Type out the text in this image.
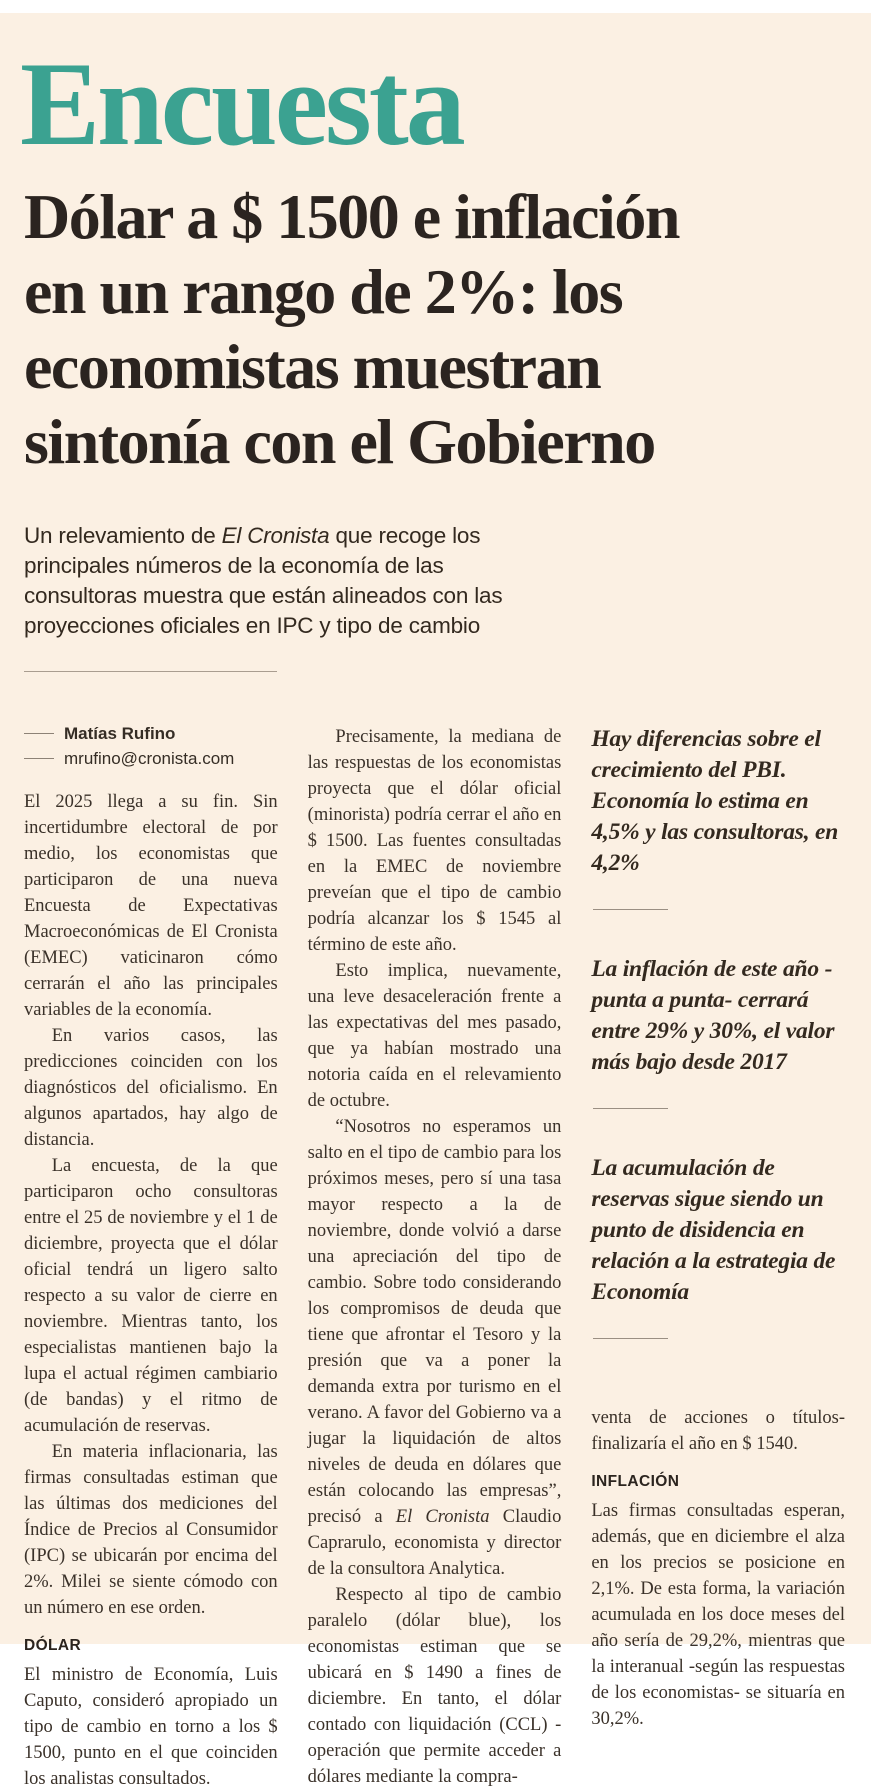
Encuesta
Dólar a $ 1500 e inflación
en un rango de 2%: los
economistas muestran
sintonía con el Gobierno
Un relevamiento de El Cronista que recoge los
principales números de la economía de las
consultoras muestra que están alineados con las
proyecciones oficiales en IPC y tipo de cambio
Matías Rufino
mrufino@cronista.com

El 2025 llega a su fin. Sin incertidumbre electoral de por medio, los economistas que participaron de una nueva Encuesta de Expectativas Macroeconómicas de El Cronista (EMEC) vaticinaron cómo cerrarán el año las principales variables de la economía.

En varios casos, las predicciones coinciden con los diagnósticos del oficialismo. En algunos apartados, hay algo de distancia.

La encuesta, de la que participaron ocho consultoras entre el 25 de noviembre y el 1 de diciembre, proyecta que el dólar oficial tendrá un ligero salto respecto a su valor de cierre en noviembre. Mientras tanto, los especialistas mantienen bajo la lupa el actual régimen cambiario (de bandas) y el ritmo de acumulación de reservas.

En materia inflacionaria, las firmas consultadas estiman que las últimas dos mediciones del Índice de Precios al Consumidor (IPC) se ubicarán por encima del 2%. Milei se siente cómodo con un número en ese orden.

DÓLAR

El ministro de Economía, Luis Caputo, consideró apropiado un tipo de cambio en torno a los $ 1500, punto en el que coinciden los analistas consultados.

Precisamente, la mediana de las respuestas de los economistas proyecta que el dólar oficial (minorista) podría cerrar el año en $ 1500. Las fuentes consultadas en la EMEC de noviembre preveían que el tipo de cambio podría alcanzar los $ 1545 al término de este año.

Esto implica, nuevamente, una leve desaceleración frente a las expectativas del mes pasado, que ya habían mostrado una notoria caída en el relevamiento de octubre.

“Nosotros no esperamos un salto en el tipo de cambio para los próximos meses, pero sí una tasa mayor respecto a la de noviembre, donde volvió a darse una apreciación del tipo de cambio. Sobre todo considerando los compromisos de deuda que tiene que afrontar el Tesoro y la presión que va a poner la demanda extra por turismo en el verano. A favor del Gobierno va a jugar la liquidación de altos niveles de deuda en dólares que están colocando las empresas”, precisó a El Cronista Claudio Caprarulo, economista y director de la consultora Analytica.

Respecto al tipo de cambio paralelo (dólar blue), los economistas estiman que se ubicará en $ 1490 a fines de diciembre. En tanto, el dólar contado con liquidación (CCL) -operación que permite acceder a dólares mediante la compra-

Hay diferencias sobre el crecimiento del PBI. Economía lo estima en 4,5% y las consultoras, en 4,2%
La inflación de este año -punta a punta- cerrará entre 29% y 30%, el valor más bajo desde 2017
La acumulación de reservas sigue siendo un punto de disidencia en relación a la estrategia de Economía

venta de acciones o títulos- finalizaría el año en $ 1540.

INFLACIÓN

Las firmas consultadas esperan, además, que en diciembre el alza en los precios se posicione en 2,1%. De esta forma, la variación acumulada en los doce meses del año sería de 29,2%, mientras que la interanual -según las respuestas de los economistas- se situaría en 30,2%.
